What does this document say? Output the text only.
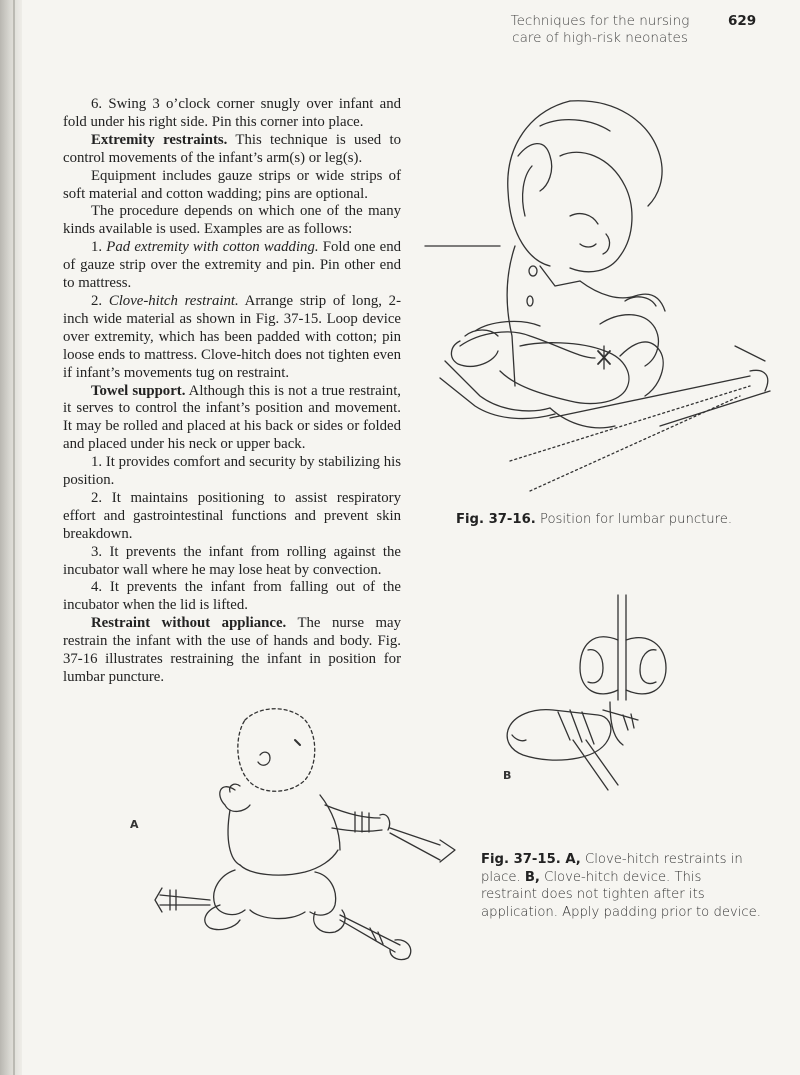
Techniques for the nursing
care of high-risk neonates
629

6. Swing 3 o’clock corner snugly over infant and fold under his right side. Pin this corner into place.

Extremity restraints. This technique is used to control movements of the infant’s arm(s) or leg(s).

Equipment includes gauze strips or wide strips of soft material and cotton wadding; pins are optional.

The procedure depends on which one of the many kinds available is used. Examples are as follows:

1. Pad extremity with cotton wadding. Fold one end of gauze strip over the extremity and pin. Pin other end to mattress.

2. Clove-hitch restraint. Arrange strip of long, 2-inch wide material as shown in Fig. 37-15. Loop device over extremity, which has been padded with cotton; pin loose ends to mattress. Clove-hitch does not tighten even if infant’s movements tug on restraint.

Towel support. Although this is not a true restraint, it serves to control the infant’s position and movement. It may be rolled and placed at his back or sides or folded and placed under his neck or upper back.

1. It provides comfort and security by stabilizing his position.

2. It maintains positioning to assist respiratory effort and gastrointestinal functions and prevent skin breakdown.

3. It prevents the infant from rolling against the incubator wall where he may lose heat by convection.

4. It prevents the infant from falling out of the incubator when the lid is lifted.

Restraint without appliance. The nurse may restrain the infant with the use of hands and body. Fig. 37-16 illustrates restraining the infant in position for lumbar puncture.

B
A
Fig. 37-16. Position for lumbar puncture.
Fig. 37-15. A, Clove-hitch restraints in place. B, Clove-hitch device. This restraint does not tighten after its application. Apply padding prior to device.
